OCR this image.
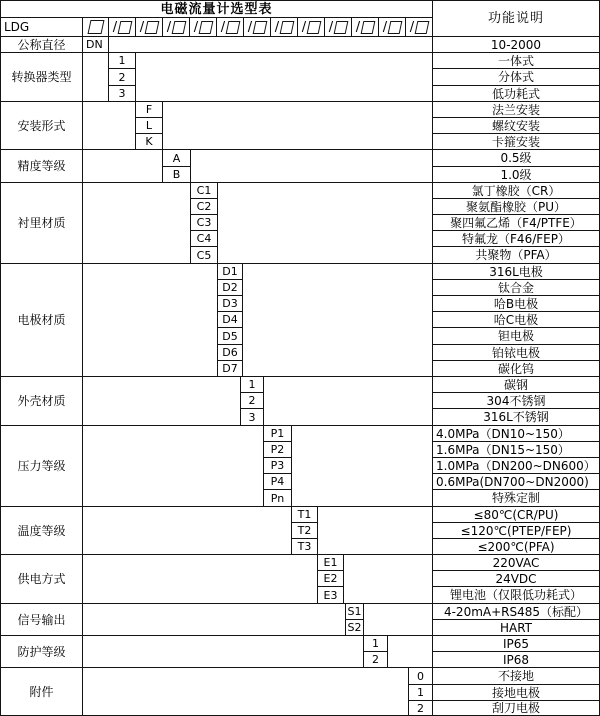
电磁流量计选型表
功能说明
LDG	/ / / / / / / / / / / /
公称直径	DN	10-2000
转换器类型
1	一体式
2	分体式
3	低功耗式
安装形式
F	法兰安装
L	螺纹安装
K	卡箍安装
精度等级
A	0.5级
B	1.0级
衬里材质
C1	氯丁橡胶（CR）
C2	聚氨酯橡胶（PU）
C3	聚四氟乙烯（F4/PTFE）
C4	特氟龙（F46/FEP）
C5	共聚物（PFA）
电极材质
D1	316L电极
D2	钛合金
D3	哈B电极
D4	哈C电极
D5	钽电极
D6	铂铱电极
D7	碳化钨
外壳材质
1	碳钢
2	304不锈钢
3	316L不锈钢
压力等级
P1	4.0MPa（DN10~150）
P2	1.6MPa（DN15~150）
P3	1.0MPa（DN200~DN600）
P4	0.6MPa(DN700~DN2000)
Pn	特殊定制
温度等级
T1	≤80℃(CR/PU)
T2	≤120℃(PTEP/FEP)
T3	≤200℃(PFA)
供电方式
E1	220VAC
E2	24VDC
E3	锂电池（仅限低功耗式）
信号输出
S1	4-20mA+RS485（标配）
S2	HART
防护等级
1	IP65
2	IP68
附件
0	不接地
1	接地电极
2	刮刀电极
